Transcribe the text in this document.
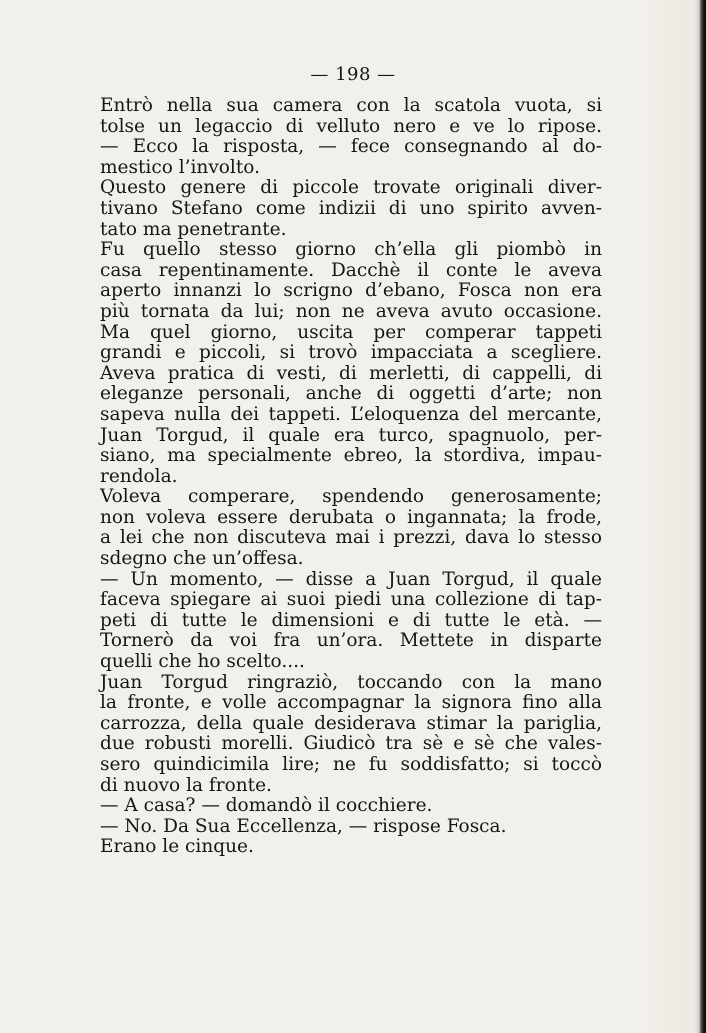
— 198 —
Entrò nella sua camera con la scatola vuota, si
tolse un legaccio di velluto nero e ve lo ripose.
— Ecco la risposta, — fece consegnando al do-
mestico l’involto.
Questo genere di piccole trovate originali diver-
tivano Stefano come indizii di uno spirito avven-
tato ma penetrante.
Fu quello stesso giorno ch’ella gli piombò in
casa repentinamente. Dacchè il conte le aveva
aperto innanzi lo scrigno d’ebano, Fosca non era
più tornata da lui; non ne aveva avuto occasione.
Ma quel giorno, uscita per comperar tappeti
grandi e piccoli, si trovò impacciata a scegliere.
Aveva pratica di vesti, di merletti, di cappelli, di
eleganze personali, anche di oggetti d’arte; non
sapeva nulla dei tappeti. L’eloquenza del mercante,
Juan Torgud, il quale era turco, spagnuolo, per-
siano, ma specialmente ebreo, la stordiva, impau-
rendola.
Voleva comperare, spendendo generosamente;
non voleva essere derubata o ingannata; la frode,
a lei che non discuteva mai i prezzi, dava lo stesso
sdegno che un’offesa.
— Un momento, — disse a Juan Torgud, il quale
faceva spiegare ai suoi piedi una collezione di tap-
peti di tutte le dimensioni e di tutte le età. —
Tornerò da voi fra un’ora. Mettete in disparte
quelli che ho scelto....
Juan Torgud ringraziò, toccando con la mano
la fronte, e volle accompagnar la signora fino alla
carrozza, della quale desiderava stimar la pariglia,
due robusti morelli. Giudicò tra sè e sè che vales-
sero quindicimila lire; ne fu soddisfatto; si toccò
di nuovo la fronte.
— A casa? — domandò il cocchiere.
— No. Da Sua Eccellenza, — rispose Fosca.
Erano le cinque.
